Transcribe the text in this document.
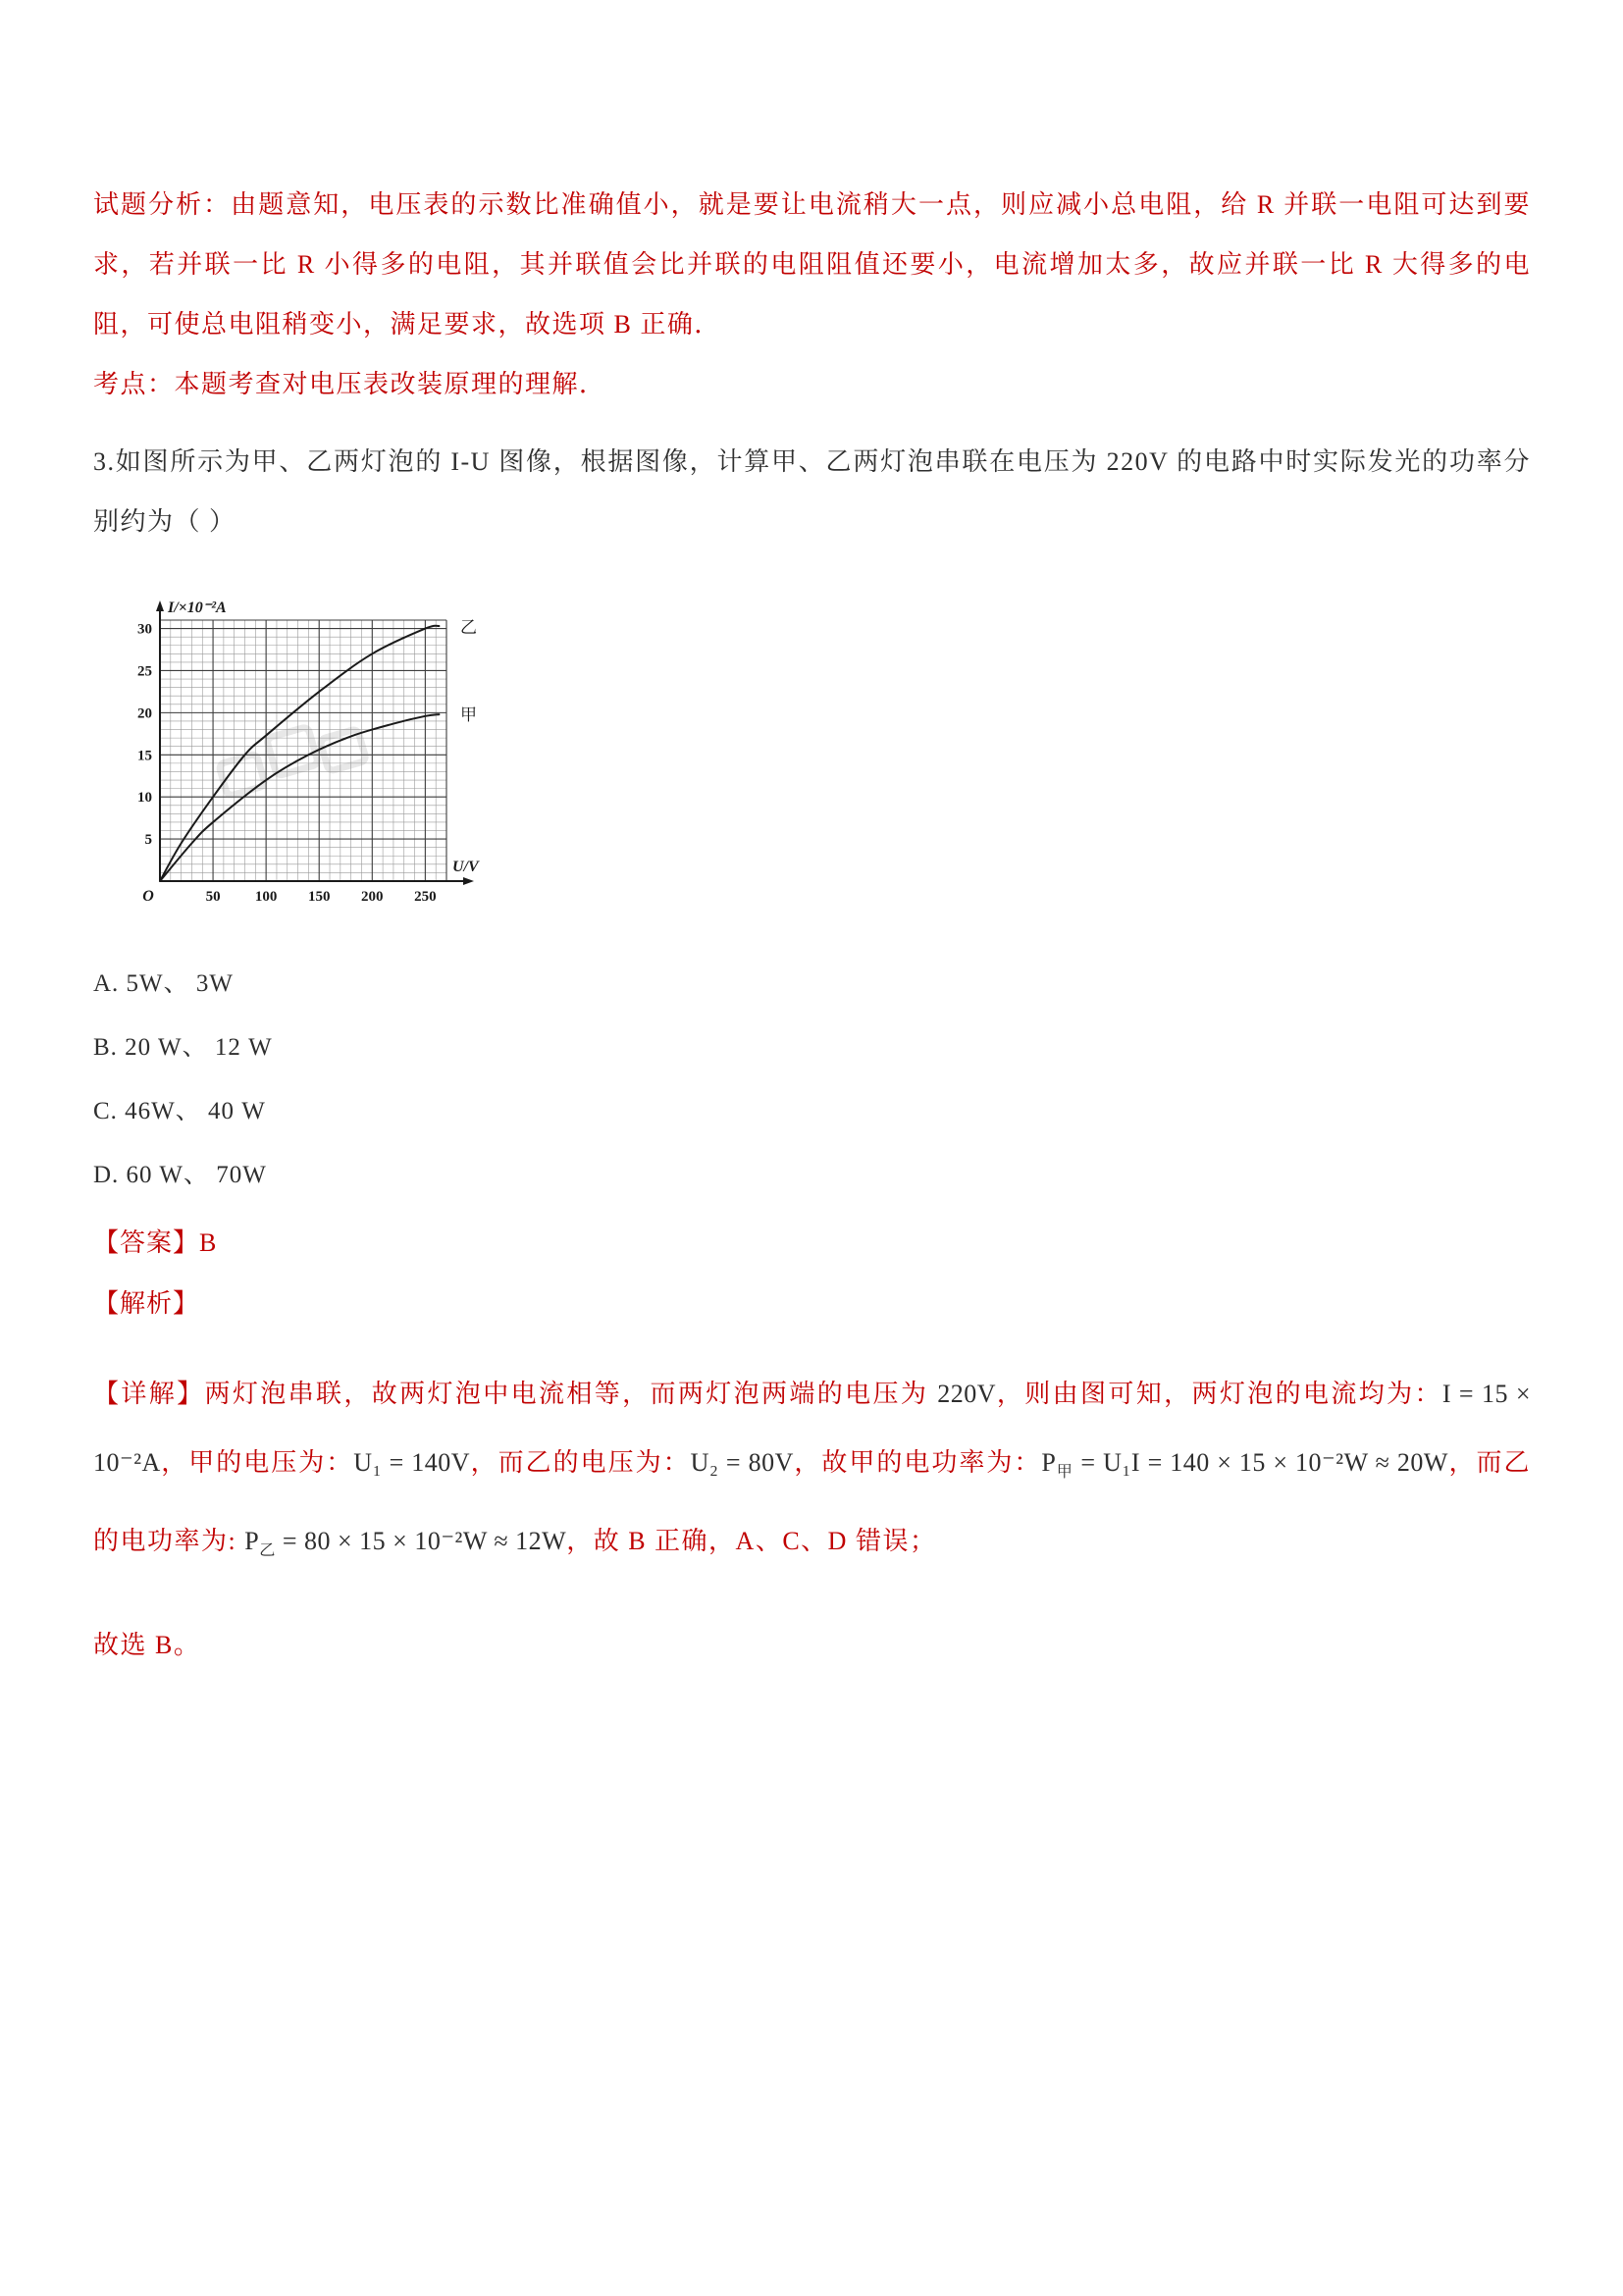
试题分析：由题意知，电压表的示数比准确值小，就是要让电流稍大一点，则应减小总电阻，给 R 并联一电阻可达到要求，若并联一比 R 小得多的电阻，其并联值会比并联的电阻阻值还要小，电流增加太多，故应并联一比 R 大得多的电阻，可使总电阻稍变小，满足要求，故选项 B 正确．

考点：本题考查对电压表改装原理的理解．

3.如图所示为甲、乙两灯泡的 I-U 图像，根据图像，计算甲、乙两灯泡串联在电压为 220V 的电路中时实际发光的功率分别约为（ ）

I/×10⁻²A
U/V
O	50 100 150 200 250
5
10
15
20
25
30	乙
甲

A. 5W、 3W

B. 20 W、 12 W

C. 46W、 40 W

D. 60 W、 70W

【答案】B

【解析】

【详解】两灯泡串联，故两灯泡中电流相等，而两灯泡两端的电压为 220V，则由图可知，两灯泡的电流均为：I = 15 × 10⁻²A，甲的电压为：U₁ = 140V，而乙的电压为：U₂ = 80V，故甲的电功率为：$P_甲 = U_1I = 140 \times 15 \times 10^{-2}W \approx 20W$，而乙的电功率为: $P_乙 = 80 \times 15 \times 10^{-2}W \approx 12W$，故 B 正确，A、C、D 错误；

故选 B。
